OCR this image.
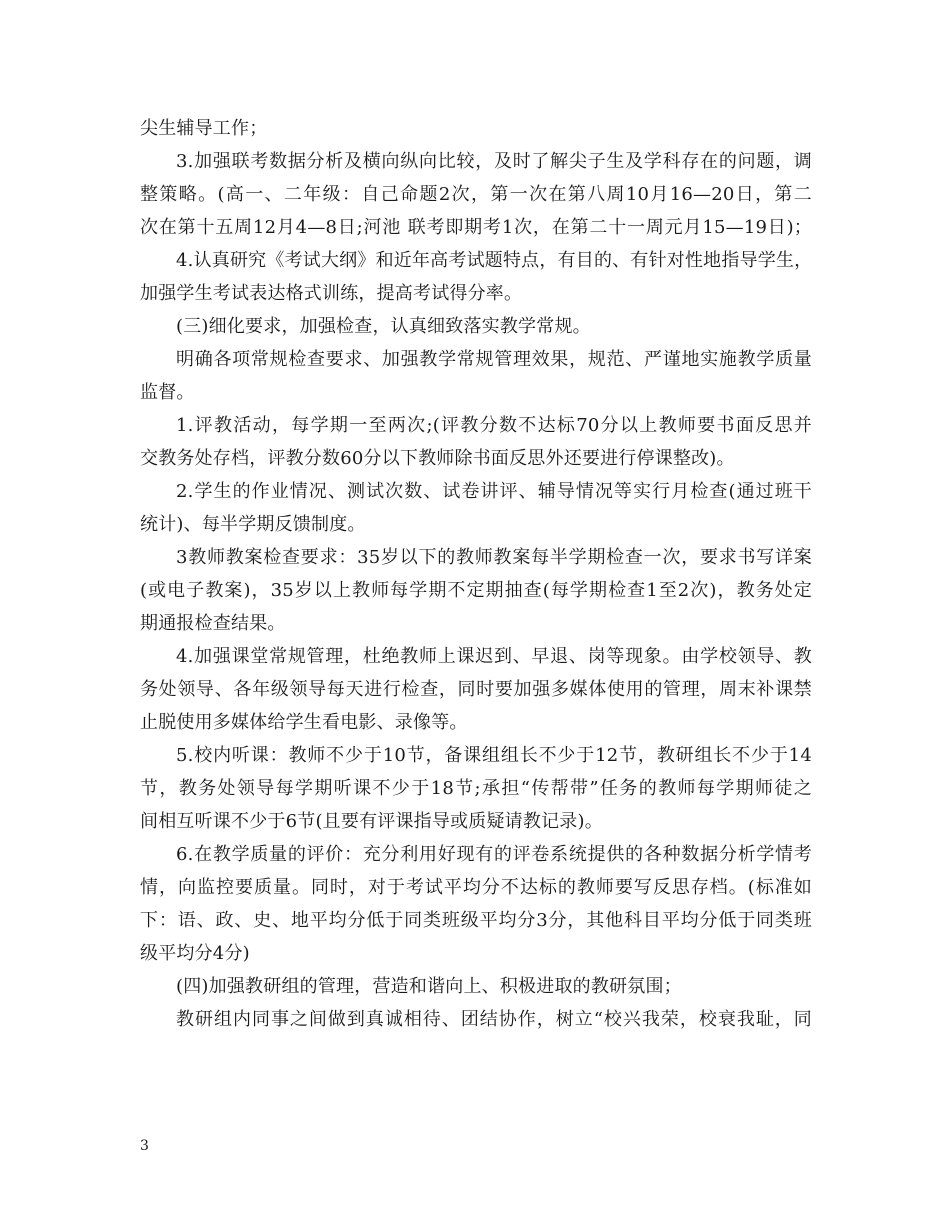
尖生辅导工作；
3.加强联考数据分析及横向纵向比较，及时了解尖子生及学科存在的问题，调
整策略。(高一、二年级：自己命题2次，第一次在第八周10月16—20日，第二
次在第十五周12月4—8日;河池 联考即期考1次，在第二十一周元月15—19日)；
4.认真研究《考试大纲》和近年高考试题特点，有目的、有针对性地指导学生，
加强学生考试表达格式训练，提高考试得分率。
(三)细化要求，加强检查，认真细致落实教学常规。
明确各项常规检查要求、加强教学常规管理效果，规范、严谨地实施教学质量
监督。
1.评教活动，每学期一至两次;(评教分数不达标70分以上教师要书面反思并
交教务处存档，评教分数60分以下教师除书面反思外还要进行停课整改)。
2.学生的作业情况、测试次数、试卷讲评、辅导情况等实行月检查(通过班干
统计)、每半学期反馈制度。
3教师教案检查要求：35岁以下的教师教案每半学期检查一次，要求书写详案
(或电子教案)，35岁以上教师每学期不定期抽查(每学期检查1至2次)，教务处定
期通报检查结果。
4.加强课堂常规管理，杜绝教师上课迟到、早退、岗等现象。由学校领导、教
务处领导、各年级领导每天进行检查，同时要加强多媒体使用的管理，周末补课禁
止脱使用多媒体给学生看电影、录像等。
5.校内听课：教师不少于10节，备课组组长不少于12节，教研组长不少于14
节，教务处领导每学期听课不少于18节;承担“传帮带”任务的教师每学期师徒之
间相互听课不少于6节(且要有评课指导或质疑请教记录)。
6.在教学质量的评价：充分利用好现有的评卷系统提供的各种数据分析学情考
情，向监控要质量。同时，对于考试平均分不达标的教师要写反思存档。(标准如
下：语、政、史、地平均分低于同类班级平均分3分，其他科目平均分低于同类班
级平均分4分)
(四)加强教研组的管理，营造和谐向上、积极进取的教研氛围；
教研组内同事之间做到真诚相待、团结协作，树立“校兴我荣，校衰我耻，同
3
